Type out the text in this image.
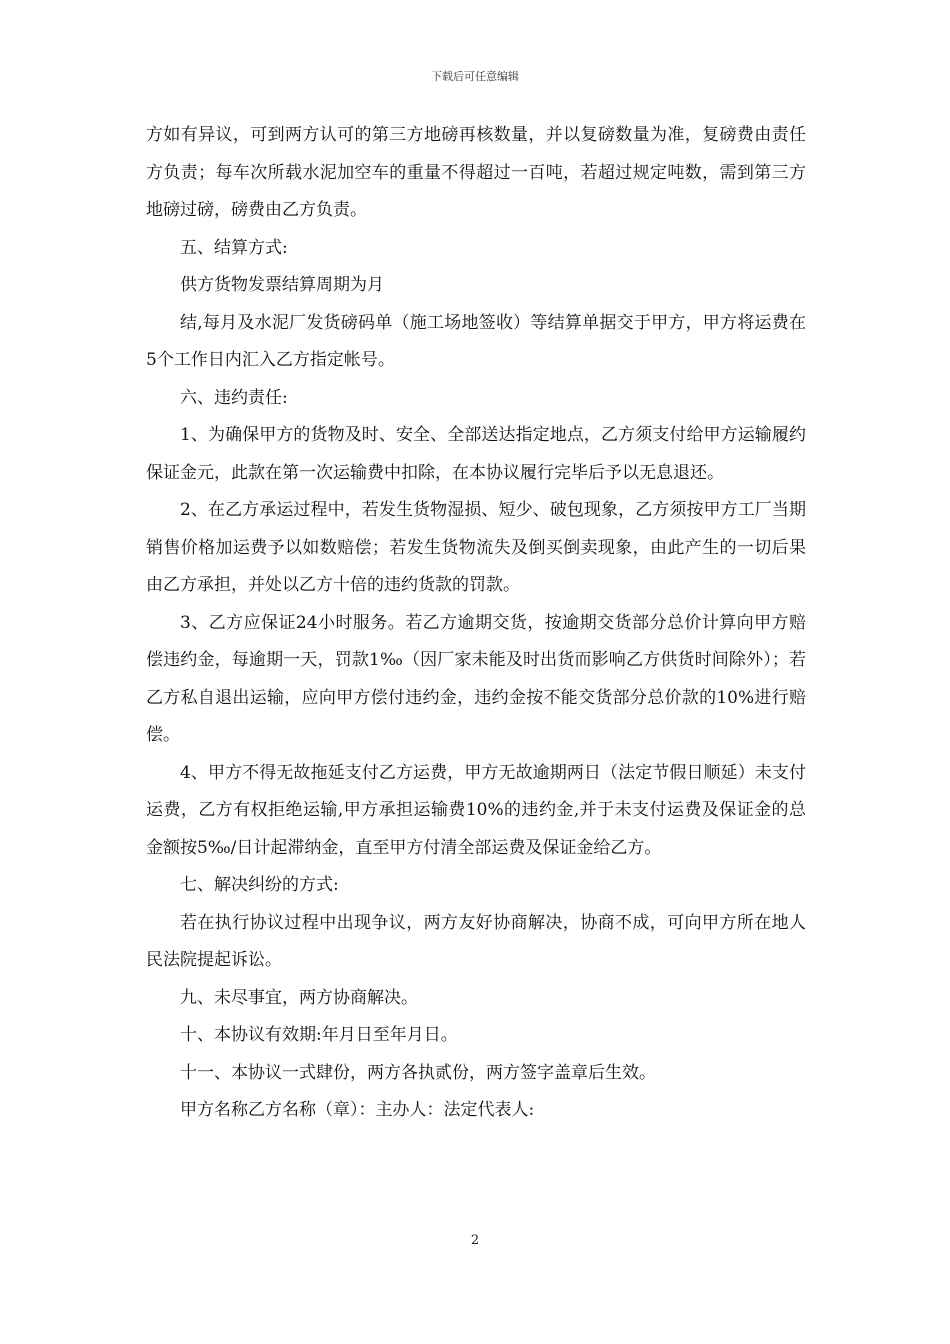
下载后可任意编辑

方如有异议，可到两方认可的第三方地磅再核数量，并以复磅数量为准，复磅费由责任方负责；每车次所载水泥加空车的重量不得超过一百吨，若超过规定吨数，需到第三方地磅过磅，磅费由乙方负责。

五、结算方式:

供方货物发票结算周期为月

结,每月及水泥厂发货磅码单（施工场地签收）等结算单据交于甲方，甲方将运费在5个工作日内汇入乙方指定帐号。

六、违约责任:

1、为确保甲方的货物及时、安全、全部送达指定地点，乙方须支付给甲方运输履约保证金元，此款在第一次运输费中扣除，在本协议履行完毕后予以无息退还。

2、在乙方承运过程中，若发生货物湿损、短少、破包现象，乙方须按甲方工厂当期销售价格加运费予以如数赔偿；若发生货物流失及倒买倒卖现象，由此产生的一切后果由乙方承担，并处以乙方十倍的违约货款的罚款。

3、乙方应保证24小时服务。若乙方逾期交货，按逾期交货部分总价计算向甲方赔偿违约金，每逾期一天，罚款1‰（因厂家未能及时出货而影响乙方供货时间除外）；若乙方私自退出运输，应向甲方偿付违约金，违约金按不能交货部分总价款的10%进行赔偿。

4、甲方不得无故拖延支付乙方运费，甲方无故逾期两日（法定节假日顺延）未支付运费，乙方有权拒绝运输,甲方承担运输费10%的违约金,并于未支付运费及保证金的总金额按5‰/日计起滞纳金，直至甲方付清全部运费及保证金给乙方。

七、解决纠纷的方式:

若在执行协议过程中出现争议，两方友好协商解决，协商不成，可向甲方所在地人民法院提起诉讼。

九、未尽事宜，两方协商解决。

十、本协议有效期:年月日至年月日。

十一、本协议一式肆份，两方各执贰份，两方签字盖章后生效。

甲方名称乙方名称（章）：主办人：法定代表人:

2
